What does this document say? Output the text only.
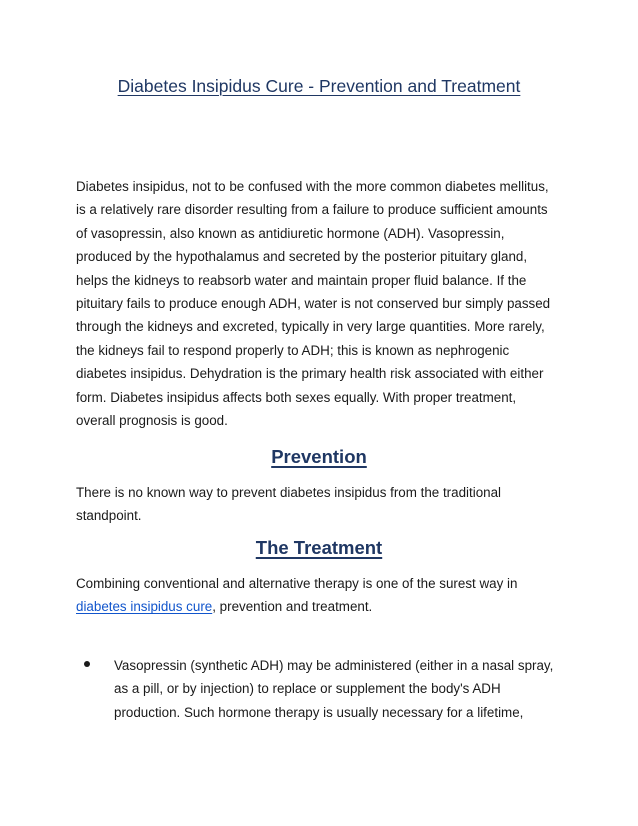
Diabetes Insipidus Cure - Prevention and Treatment

Diabetes insipidus, not to be confused with the more common diabetes mellitus,
is a relatively rare disorder resulting from a failure to produce sufficient amounts
of vasopressin, also known as antidiuretic hormone (ADH). Vasopressin,
produced by the hypothalamus and secreted by the posterior pituitary gland,
helps the kidneys to reabsorb water and maintain proper fluid balance. If the
pituitary fails to produce enough ADH, water is not conserved bur simply passed
through the kidneys and excreted, typically in very large quantities. More rarely,
the kidneys fail to respond properly to ADH; this is known as nephrogenic
diabetes insipidus. Dehydration is the primary health risk associated with either
form. Diabetes insipidus affects both sexes equally. With proper treatment,
overall prognosis is good.

Prevention

There is no known way to prevent diabetes insipidus from the traditional
standpoint.

The Treatment

Combining conventional and alternative therapy is one of the surest way in
diabetes insipidus cure, prevention and treatment.

Vasopressin (synthetic ADH) may be administered (either in a nasal spray,
as a pill, or by injection) to replace or supplement the body's ADH
production. Such hormone therapy is usually necessary for a lifetime,
